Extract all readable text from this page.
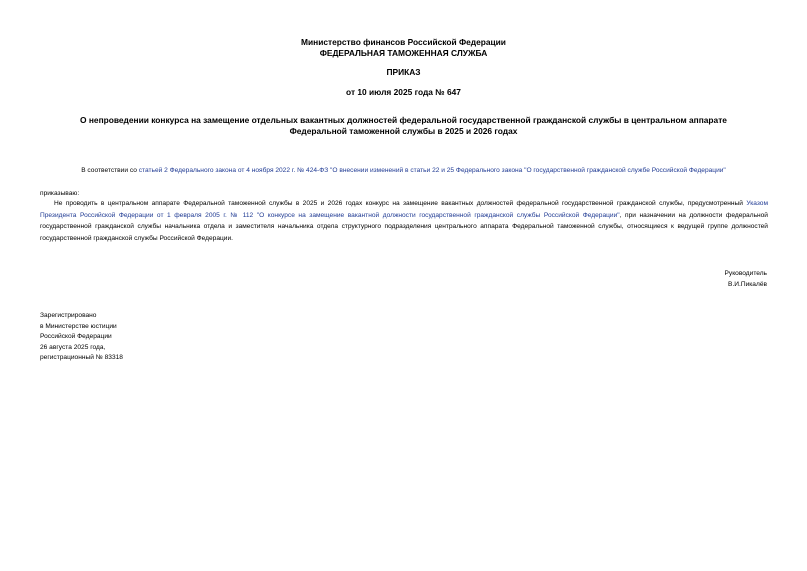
Министерство финансов Российской Федерации
ФЕДЕРАЛЬНАЯ ТАМОЖЕННАЯ СЛУЖБА
ПРИКАЗ
от 10 июля 2025 года № 647
О непроведении конкурса на замещение отдельных вакантных должностей федеральной государственной гражданской службы в центральном аппарате Федеральной таможенной службы в 2025 и 2026 годах
В соответствии со статьей 2 Федерального закона от 4 ноября 2022 г. № 424-ФЗ "О внесении изменений в статьи 22 и 25 Федерального закона "О государственной гражданской службе Российской Федерации"
приказываю:
Не проводить в центральном аппарате Федеральной таможенной службы в 2025 и 2026 годах конкурс на замещение вакантных должностей федеральной государственной гражданской службы, предусмотренный Указом Президента Российской Федерации от 1 февраля 2005 г. № 112 "О конкурсе на замещение вакантной должности государственной гражданской службы Российской Федерации", при назначении на должности федеральной государственной гражданской службы начальника отдела и заместителя начальника отдела структурного подразделения центрального аппарата Федеральной таможенной службы, относящиеся к ведущей группе должностей государственной гражданской службы Российской Федерации.
Руководитель
В.И.Пикалёв
Зарегистрировано
в Министерстве юстиции
Российской Федерации
26 августа 2025 года,
регистрационный № 83318
